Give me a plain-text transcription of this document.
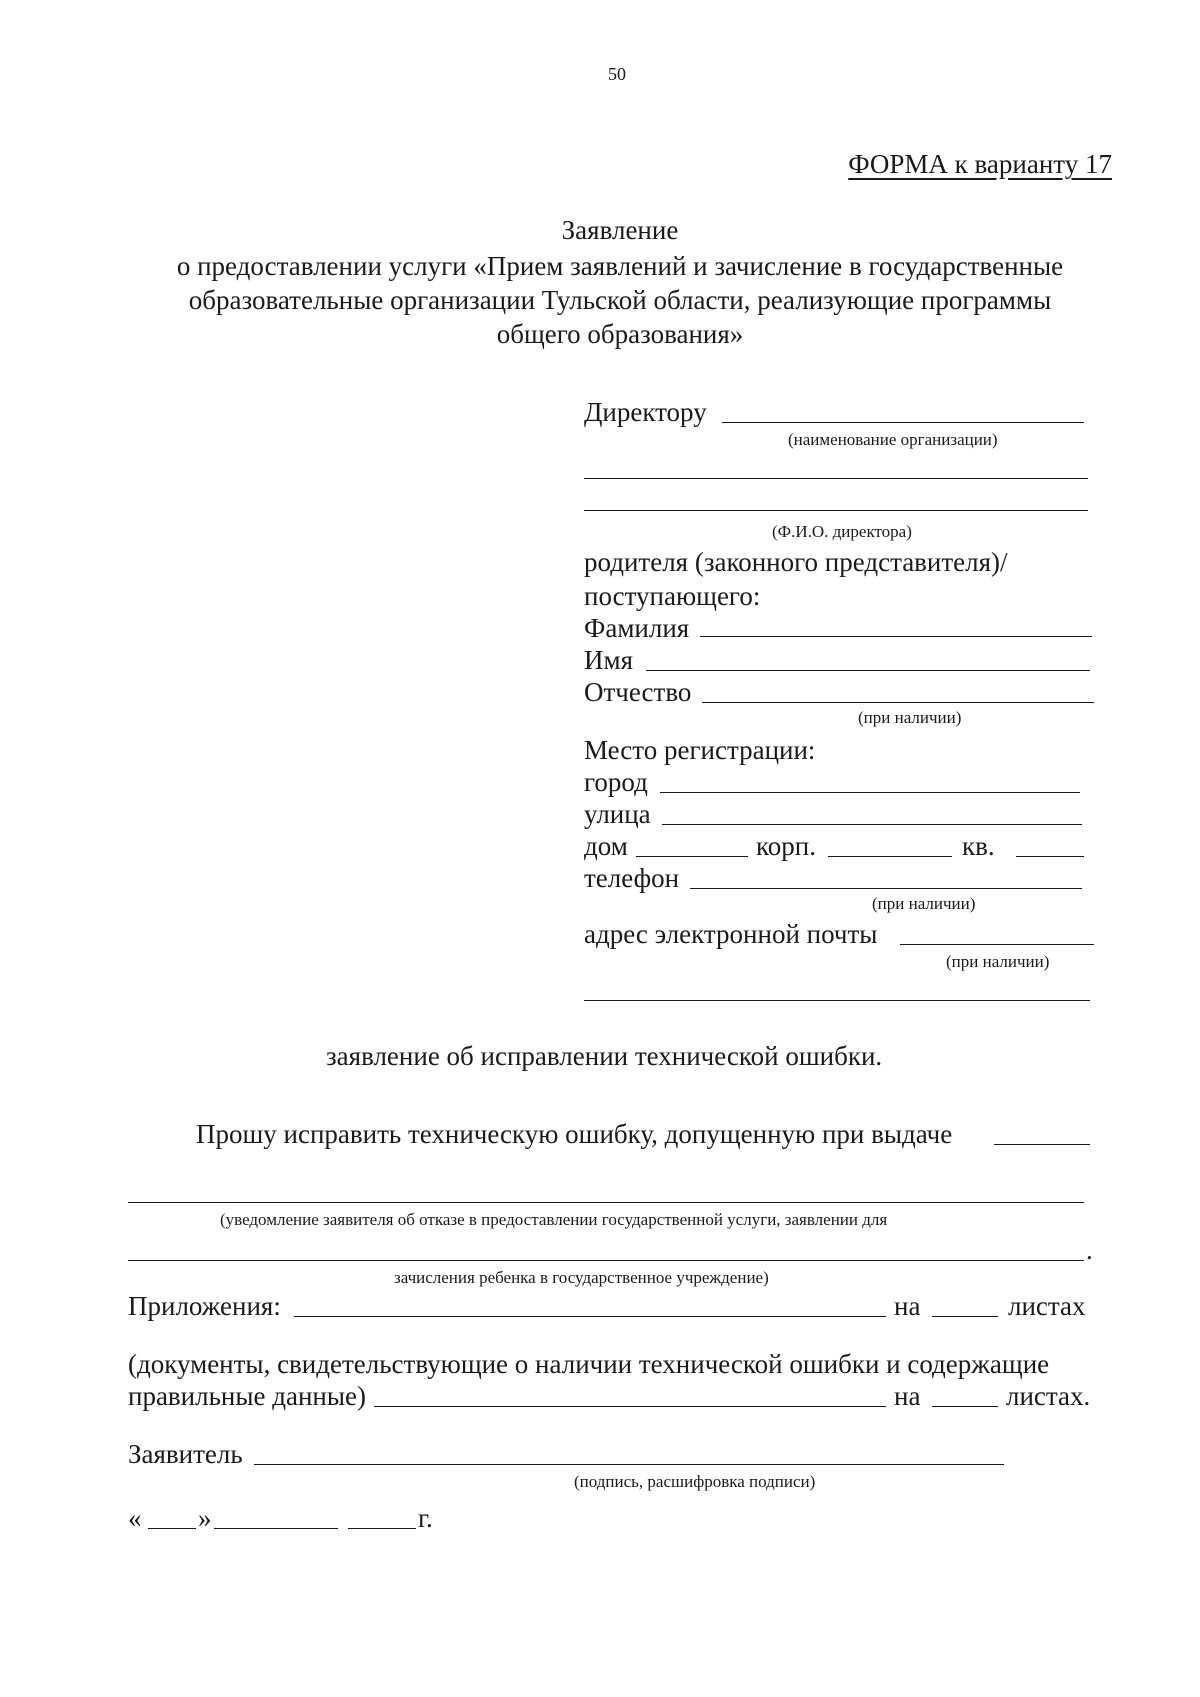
50
ФОРМА к варианту 17
Заявление
о предоставлении услуги «Прием заявлений и зачисление в государственные
образовательные организации Тульской области, реализующие программы
общего образования»
Директору
(наименование организации)
(Ф.И.О. директора)
родителя (законного представителя)/
поступающего:
Фамилия
Имя
Отчество
(при наличии)
Место регистрации:
город
улица
дом	корп.	кв.
телефон
(при наличии)
адрес электронной почты
(при наличии)
заявление об исправлении технической ошибки.
Прошу исправить техническую ошибку, допущенную при выдаче
(уведомление заявителя об отказе в предоставлении государственной услуги, заявлении для
.
зачисления ребенка в государственное учреждение)
Приложения:	на	листах
(документы, свидетельствующие о наличии технической ошибки и содержащие
правильные данные)	на	листах.
Заявитель
(подпись, расшифровка подписи)
« »	г.
